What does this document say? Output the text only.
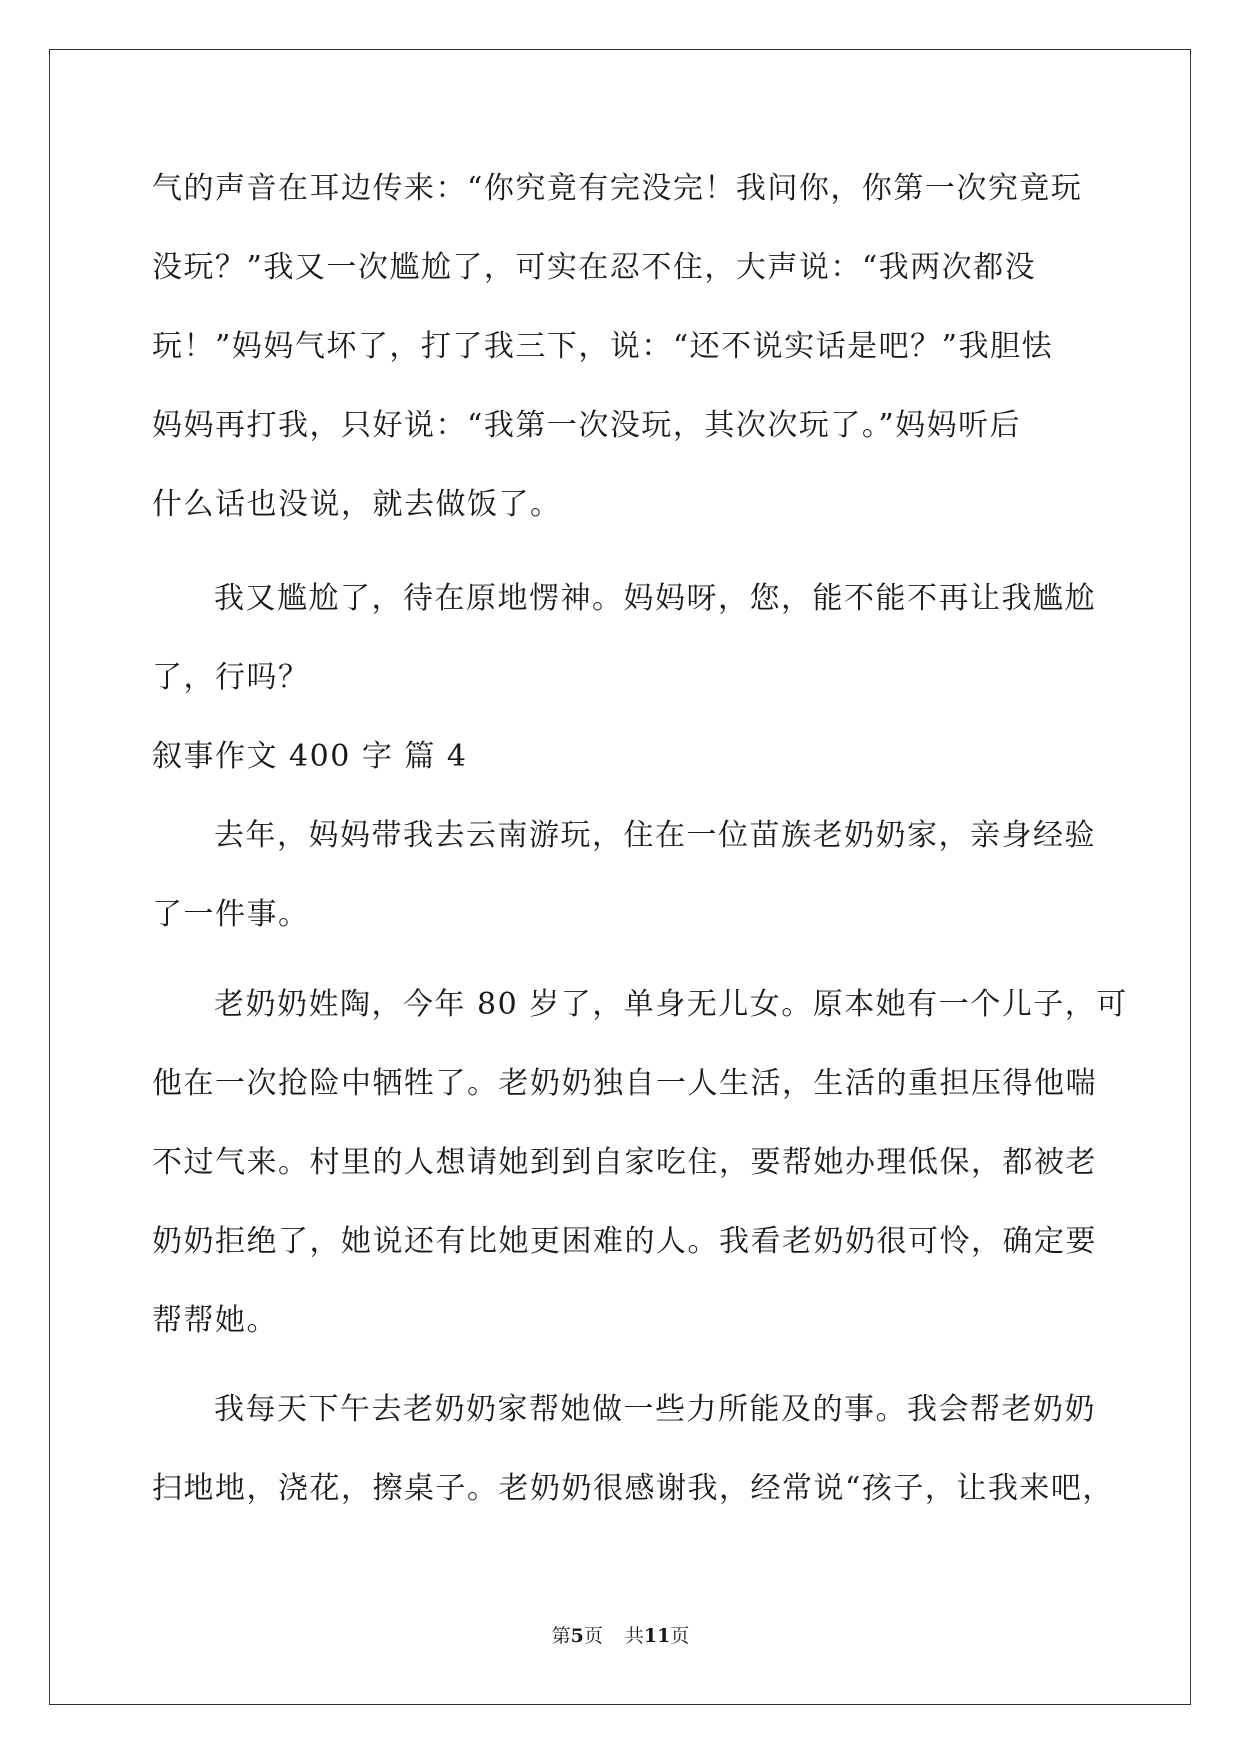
气的声音在耳边传来：“你究竟有完没完！我问你，你第一次究竟玩

没玩？”我又一次尴尬了，可实在忍不住，大声说：“我两次都没

玩！”妈妈气坏了，打了我三下，说：“还不说实话是吧？”我胆怯

妈妈再打我，只好说：“我第一次没玩，其次次玩了。”妈妈听后

什么话也没说，就去做饭了。

我又尴尬了，待在原地愣神。妈妈呀，您，能不能不再让我尴尬

了，行吗？

叙事作文 400 字 篇 4

去年，妈妈带我去云南游玩，住在一位苗族老奶奶家，亲身经验

了一件事。

老奶奶姓陶，今年 80 岁了，单身无儿女。原本她有一个儿子，可

他在一次抢险中牺牲了。老奶奶独自一人生活，生活的重担压得他喘

不过气来。村里的人想请她到到自家吃住，要帮她办理低保，都被老

奶奶拒绝了，她说还有比她更困难的人。我看老奶奶很可怜，确定要

帮帮她。

我每天下午去老奶奶家帮她做一些力所能及的事。我会帮老奶奶

扫地地，浇花，擦桌子。老奶奶很感谢我，经常说“孩子，让我来吧，

第5页 共11页
